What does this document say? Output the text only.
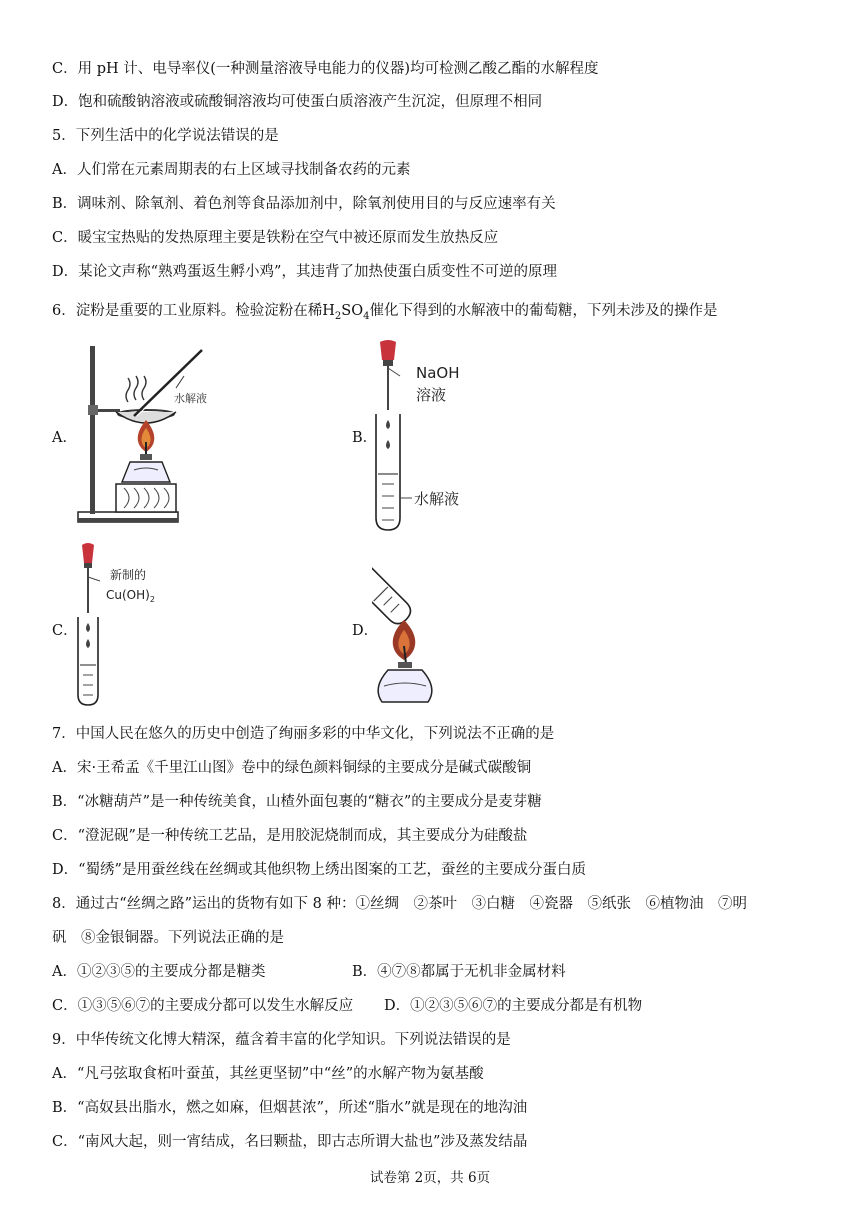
C．用 pH 计、电导率仪(一种测量溶液导电能力的仪器)均可检测乙酸乙酯的水解程度
D．饱和硫酸钠溶液或硫酸铜溶液均可使蛋白质溶液产生沉淀，但原理不相同
5．下列生活中的化学说法错误的是
A．人们常在元素周期表的右上区域寻找制备农药的元素
B．调味剂、除氧剂、着色剂等食品添加剂中，除氧剂使用目的与反应速率有关
C．暖宝宝热贴的发热原理主要是铁粉在空气中被还原而发生放热反应
D．某论文声称“熟鸡蛋返生孵小鸡”，其违背了加热使蛋白质变性不可逆的原理
6．淀粉是重要的工业原料。检验淀粉在稀$H_2SO_4$催化下得到的水解液中的葡萄糖，下列未涉及的操作是
A．
水解液
B．
NaOH
溶液
水解液
C．
新制的
$Cu(OH)_2$
D．
7．中国人民在悠久的历史中创造了绚丽多彩的中华文化，下列说法不正确的是
A．宋·王希孟《千里江山图》卷中的绿色颜料铜绿的主要成分是碱式碳酸铜
B．“冰糖葫芦”是一种传统美食，山楂外面包裹的“糖衣”的主要成分是麦芽糖
C．“澄泥砚”是一种传统工艺品，是用胶泥烧制而成，其主要成分为硅酸盐
D．“蜀绣”是用蚕丝线在丝绸或其他织物上绣出图案的工艺，蚕丝的主要成分蛋白质
8．通过古“丝绸之路”运出的货物有如下 8 种：①丝绸　②茶叶　③白糖　④瓷器　⑤纸张　⑥植物油　⑦明
矾　⑧金银铜器。下列说法正确的是
A．①②③⑤的主要成分都是糖类	B．④⑦⑧都属于无机非金属材料
C．①③⑤⑥⑦的主要成分都可以发生水解反应 D．①②③⑤⑥⑦的主要成分都是有机物
9．中华传统文化博大精深，蕴含着丰富的化学知识。下列说法错误的是
A．“凡弓弦取食柘叶蚕茧，其丝更坚韧”中“丝”的水解产物为氨基酸
B．“高奴县出脂水，燃之如麻，但烟甚浓”，所述“脂水”就是现在的地沟油
C．“南风大起，则一宵结成，名曰颗盐，即古志所谓大盐也”涉及蒸发结晶
试卷第 2页，共 6页
